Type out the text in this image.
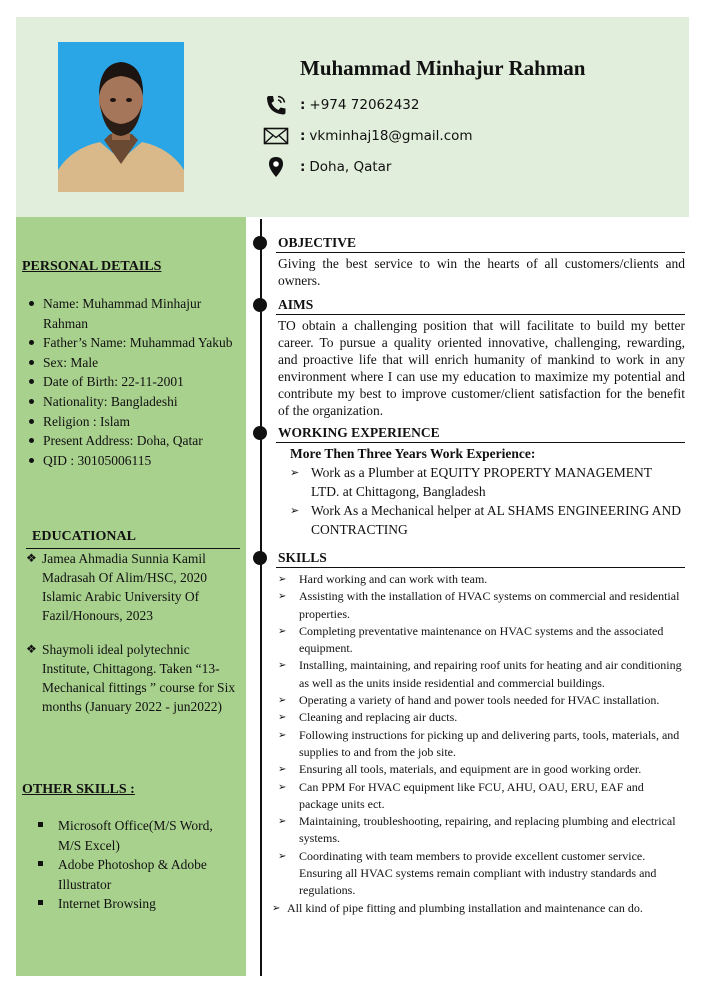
Muhammad Minhajur Rahman
: +974 72062432
: vkminhaj18@gmail.com
: Doha, Qatar
PERSONAL DETAILS
Name: Muhammad Minhajur Rahman
Father’s Name: Muhammad Yakub
Sex: Male
Date of Birth: 22-11-2001
Nationality: Bangladeshi
Religion : Islam
Present Address: Doha, Qatar
QID : 30105006115
EDUCATIONAL
❖ Jamea Ahmadia Sunnia Kamil Madrasah Of Alim/HSC, 2020 Islamic Arabic University Of Fazil/Honours, 2023
❖ Shaymoli ideal polytechnic Institute, Chittagong. Taken “13-Mechanical fittings ” course for Six months (January 2022 - jun2022)
OTHER SKILLS :
Microsoft Office(M/S Word, M/S Excel)
Adobe Photoshop & Adobe Illustrator
Internet Browsing
OBJECTIVE
Giving the best service to win the hearts of all customers/clients and owners.
AIMS
TO obtain a challenging position that will facilitate to build my better career. To pursue a quality oriented innovative, challenging, rewarding, and proactive life that will enrich humanity of mankind to work in any environment where I can use my education to maximize my potential and contribute my best to improve customer/client satisfaction for the benefit of the organization.
WORKING EXPERIENCE
More Then Three Years Work Experience:
➢ Work as a Plumber at EQUITY PROPERTY MANAGEMENT LTD. at Chittagong, Bangladesh
➢ Work As a Mechanical helper at AL SHAMS ENGINEERING AND CONTRACTING
SKILLS
➢ Hard working and can work with team.
➢ Assisting with the installation of HVAC systems on commercial and residential properties.
➢ Completing preventative maintenance on HVAC systems and the associated equipment.
➢ Installing, maintaining, and repairing roof units for heating and air conditioning as well as the units inside residential and commercial buildings.
➢ Operating a variety of hand and power tools needed for HVAC installation.
➢ Cleaning and replacing air ducts.
➢ Following instructions for picking up and delivering parts, tools, materials, and supplies to and from the job site.
➢ Ensuring all tools, materials, and equipment are in good working order.
➢ Can PPM For HVAC equipment like FCU, AHU, OAU, ERU, EAF and package units ect.
➢ Maintaining, troubleshooting, repairing, and replacing plumbing and electrical systems.
➢ Coordinating with team members to provide excellent customer service. Ensuring all HVAC systems remain compliant with industry standards and regulations.
➢ All kind of pipe fitting and plumbing installation and maintenance can do.
